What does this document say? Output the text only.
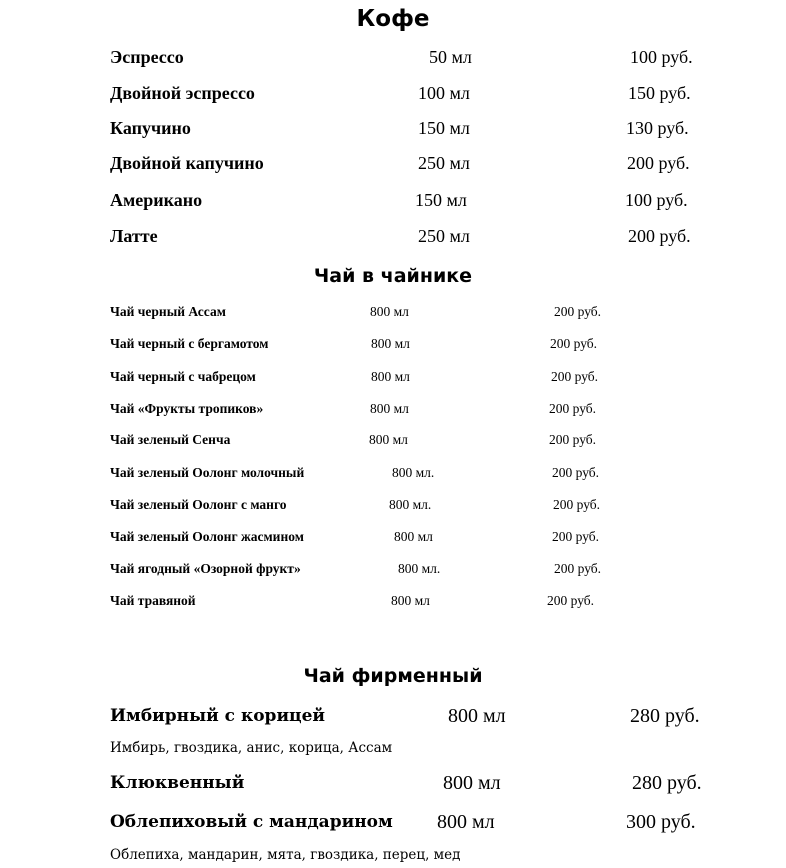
Кофе
Эспрессо	50 мл	100 руб.
Двойной эспрессо	100 мл	150 руб.
Капучино	150 мл	130 руб.
Двойной капучино	250 мл	200 руб.
Американо	150 мл	100 руб.
Латте	250 мл	200 руб.
Чай в чайнике
Чай черный Ассам	800 мл	200 руб.
Чай черный с бергамотом	800 мл	200 руб.
Чай черный с чабрецом	800 мл	200 руб.
Чай «Фрукты тропиков»	800 мл	200 руб.
Чай зеленый Сенча	800 мл	200 руб.
Чай зеленый Оолонг молочный	800 мл.	200 руб.
Чай зеленый Оолонг с манго	800 мл.	200 руб.
Чай зеленый Оолонг жасмином	800 мл	200 руб.
Чай ягодный «Озорной фрукт»	800 мл.	200 руб.
Чай травяной	800 мл	200 руб.
Чай фирменный
Имбирный с корицей	800 мл	280 руб.
Имбирь, гвоздика, анис, корица, Ассам
Клюквенный	800 мл	280 руб.
Облепиховый с мандарином 800 мл	300 руб.
Облепиха, мандарин, мята, гвоздика, перец, мед
